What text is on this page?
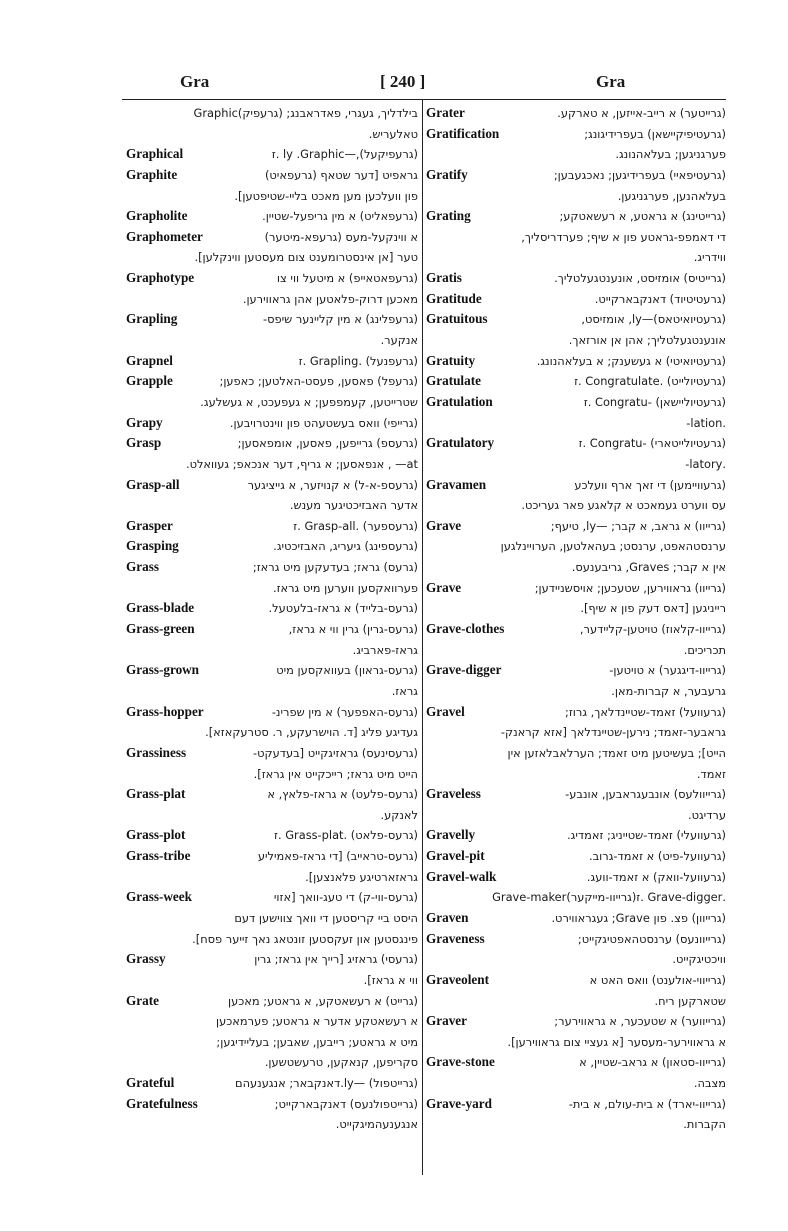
Gra	[ 240 ]	Gra
בילדליך, געגרי, פאדראבנג; (גרעפיק)Graphic
טאלעריש.
Graphical	(גרעפיקעל),—ly .Graphic .ז
Graphite	גראפיט [דער שטאף (גרעפאיט)
פון וועלכען מען מאכט בליי-שטיפטען].
Grapholite	(גרעפאליט) א מין גריפעל-שטיין.
Graphometer	א ווינקעל-מעס (גרעפא-מיטער)
טער [אן אינסטרומענט צום מעסטען ווינקלען].
Graphotype	(גרעפאטאייפ) א מיטעל ווי צו
מאכען דרוק-פלאטען אהן גראווירען.
Grapling	(גרעפלינג) א מין קליינער שיפס-
אנקער.
Grapnel	(גרעפנעל) .Grapling .ז
Grapple	(גרעפל) פאסען, פעסט-האלטען; כאפען;
שטרייטען, קעמפפען; א געפעכט, א געשלעג.
Grapy	(גרייפי) וואס בעשטעהט פון ווינטרויבען.
Grasp	(גרעספ) גרייפען, פאסען, אומפאסען;
at— , אנפאסען; א גריף, דער אנכאפ; געוואלט.
Grasp-all	(גרעספ-א-ל) א קנויזער, א גייציגער
אדער האבזיכטיגער מענש.
Grasper	(גרעספער) .Grasp-all .ז
Grasping	(גרעספינג) גיעריג, האבזיכטיג.
Grass	(גרעס) גראז; בעדעקען מיט גראז;
פערוואקסען ווערען מיט גראז.
Grass-blade	(גרעס-בלייד) א גראז-בלעטעל.
Grass-green	(גרעס-גרין) גרין ווי א גראז,
גראז-פארביג.
Grass-grown	(גרעס-גראון) בעוואקסען מיט
גראז.
Grass-hopper	(גרעס-האפפער) א מין שפרינ-
געדיגע פליג [ד. הוישרעקע, ר. סטרעקאזא].
Grassiness	(גרעסינעס) גראזיגקייט [בעדעקט-
הייט מיט גראז; רייכקייט אין גראז].
Grass-plat	(גרעס-פלעט) א גראז-פלאץ, א
לאנקע.
Grass-plot	(גרעס-פלאט) .Grass-plat .ז
Grass-tribe	(גרעס-טראייב) [די גראז-פאמיליע
גראזארטיגע פלאנצען].
Grass-week	(גרעס-ווי-ק) די טעג-וואך [אזוי
היסט ביי קריסטען די וואך צווישען דעם
פינגסטען און זעקסטען זונטאג נאך זייער פסח].
Grassy	(גרעסי) גראזיג [רייך אין גראז; גרין
ווי א גראז].
Grate	(גרייט) א רעשאטקע, א גראטע; מאכען
א רעשאטקע אדער א גראטע; פערמאכען
מיט א גראטע; רייבען, שאבען; בעליידיגען;
סקריפען, קנאקען, טרעשטשען.
Grateful	(גרייטפול) —ly.דאנקבאר; אנגענעהם
Gratefulness	(גרייטפולנעס) דאנקבארקייט;
אנגענעהמיגקייט.
Grater	(גרייטער) א רייב-אייזען, א טארקע.
Gratification	(גרעטיפיקיישאן) בעפרידיגונג;
פערגניגען; בעלאהנונג.
Gratify	(גרעטיפאיי) בעפרידיגען; נאכגעבען;
בעלאהנען, פערגניגען.
Grating	(גרייטינג) א גראטע, א רעשאטקע;
די דאמפפ-גראטע פון א שיף; פערדריסליך,
ווידריג.
Gratis	(גרייטיס) אומזיסט, אונענטגעלטליך.
Gratitude	(גרעטיטיוד) דאנקבארקייט.
Gratuitous	(גרעטיואיטאס)—ly, אומזיסט,
אונענטגעלטליך; אהן אן אורזאך.
Gratuity	(גרעטיואיטי) א געשענק; א בעלאהנונג.
Gratulate	(גרעטיולייט) .Congratulate .ז
Gratulation	(גרעטיוליישאן) -Congratu .ז
.lation-
Gratulatory	(גרעטיולייטארי) -Congratu .ז
.latory-
Gravamen	(גרעוויימען) די זאך ארף וועלכע
עס ווערט געמאכט א קלאגע פאר געריכט.
Grave	(גרייוו) א גראב, א קבר; —ly, טיעף;
ערנסטהאפט, ערנסט; בעהאלטען, הערויינלגען
אין א קבר; Graves, גריבענעס.
Grave	(גרייוו) גראווירען, שטעכען; אויסשניידען;
רייניגען [דאס דעק פון א שיף].
Grave-clothes	(גרייוו-קלאוז) טויטען-קליידער,
תכריכים.
Grave-digger	(גרייוו-דיגגער) א טויטען-
גרעבער, א קברות-מאן.
Gravel	(גרעוועל) זאמד-שטיינדלאך, גרוז;
גראבער-זאמד; נירען-שטיינדלאך [אזא קראנק-
הייט]; בעשיטען מיט זאמד; הערלאבלאזען אין
זאמד.
Graveless	(גרייוולעס) אונבעגראבען, אונבע-
ערדיגט.
Gravelly	(גרעוועלי) זאמד-שטייניג; זאמדיג.
Gravel-pit	(גרעוועל-פיט) א זאמד-גרוב.
Gravel-walk	(גרעוועל-וואק) א זאמד-וועג.
.Grave-digger .ז(גרייוו-מייקער)Grave-maker
Graven	(גרייוון) פצ. פון Grave; געגראווירט.
Graveness	(גרייוונעס) ערנסטהאפטיגקייט;
וויכטיגקייט.
Graveolent	(גרייווי-אולענט) וואס האט א
שטארקען ריח.
Graver	(גרייווער) א שטעכער, א גראווירער;
א גראווירער-מעסער [א געציי צום גראווירען].
Grave-stone	(גרייוו-סטאון) א גראב-שטיין, א
מצבה.
Grave-yard	(גרייוו-יארד) א בית-עולם, א בית-
הקברות.
